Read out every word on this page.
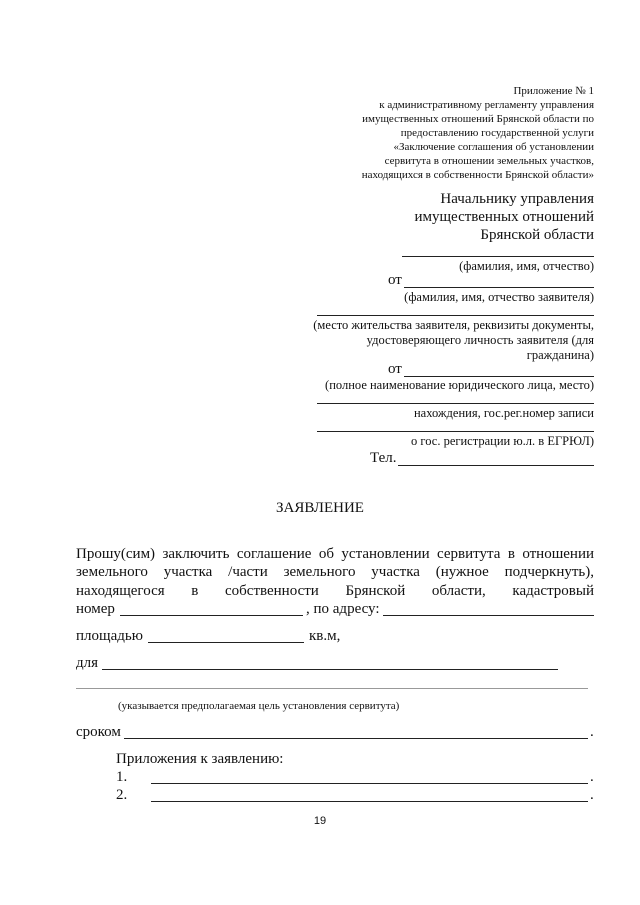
Приложение № 1
к административному регламенту управления
имущественных отношений Брянской области по
предоставлению государственной услуги
«Заключение соглашения об установлении
сервитута в отношении земельных участков,
находящихся в собственности Брянской области»
Начальнику управления
имущественных отношений
Брянской области
(фамилия, имя, отчество)
от
(фамилия, имя, отчество заявителя)
(место жительства заявителя, реквизиты документы,
удостоверяющего личность заявителя (для
гражданина)
от
(полное наименование юридического лица, место)
нахождения, гос.рег.номер записи
о гос. регистрации ю.л. в ЕГРЮЛ)
Тел.
ЗАЯВЛЕНИЕ
Прошу(сим) заключить соглашение об установлении сервитута в отношении
земельного участка /части земельного участка (нужное подчеркнуть),
находящегося в собственности Брянской области, кадастровый
номер	, по адресу:
площадью	кв.м,
для
(указывается предполагаемая цель установления сервитута)
сроком	.
Приложения к заявлению:
1.	.
2.	.
19
